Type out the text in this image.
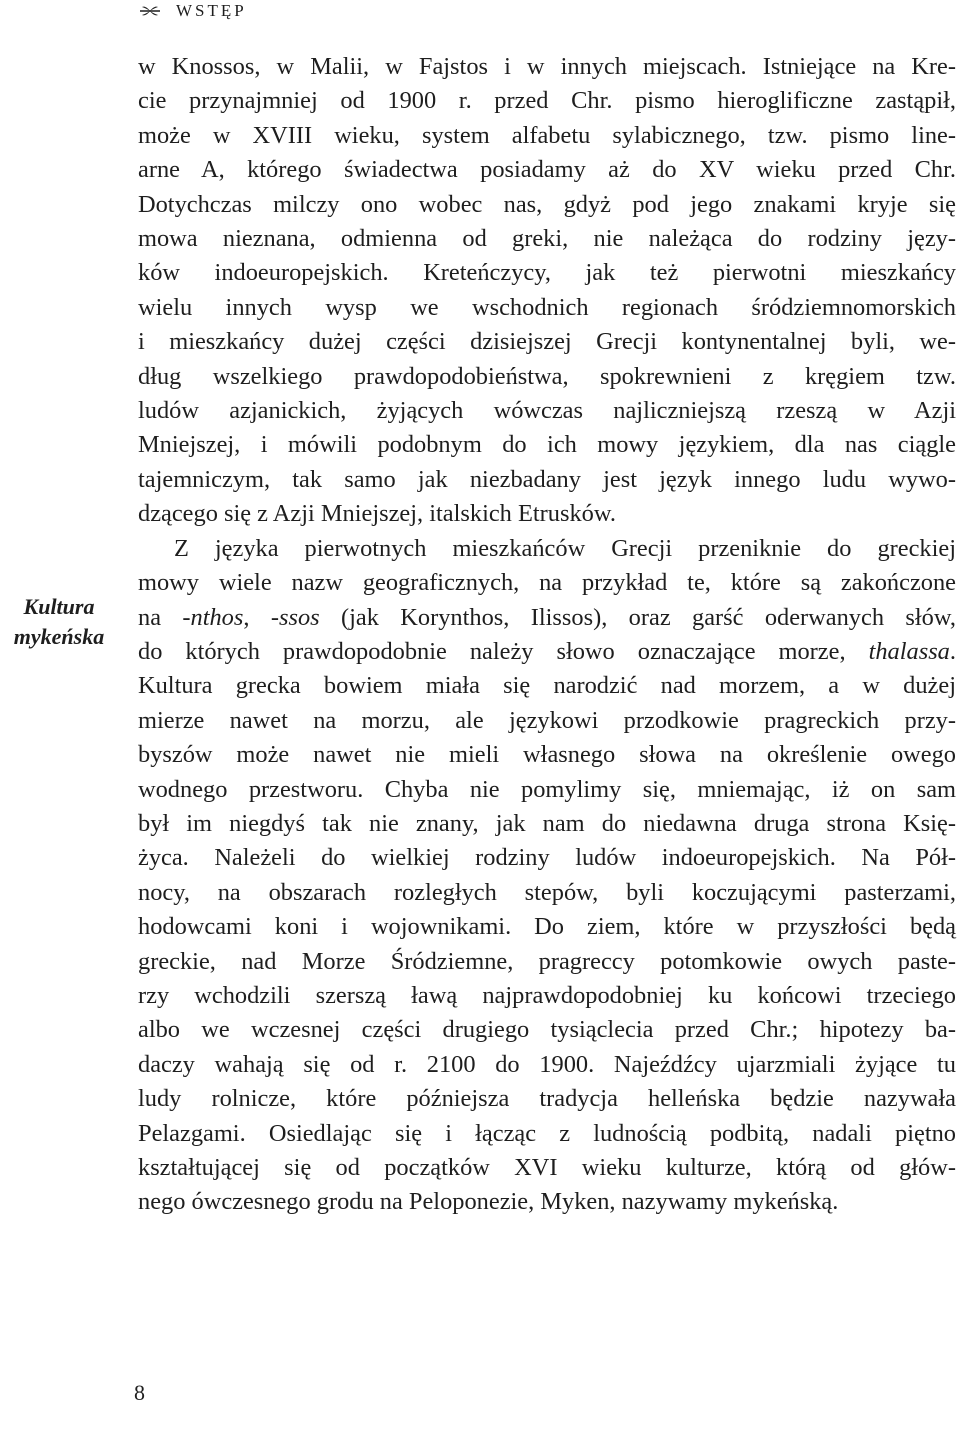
WSTĘP
Kultura
mykeńska
w Knossos, w Malii, w Fajstos i w innych miejscach. Istniejące na Kre-
cie przynajmniej od 1900 r. przed Chr. pismo hieroglificzne zastąpił,
może w XVIII wieku, system alfabetu sylabicznego, tzw. pismo line-
arne A, którego świadectwa posiadamy aż do XV wieku przed Chr.
Dotychczas milczy ono wobec nas, gdyż pod jego znakami kryje się
mowa nieznana, odmienna od greki, nie należąca do rodziny języ-
ków indoeuropejskich. Kreteńczycy, jak też pierwotni mieszkańcy
wielu innych wysp we wschodnich regionach śródziemnomorskich
i mieszkańcy dużej części dzisiejszej Grecji kontynentalnej byli, we-
dług wszelkiego prawdopodobieństwa, spokrewnieni z kręgiem tzw.
ludów azjanickich, żyjących wówczas najliczniejszą rzeszą w Azji
Mniejszej, i mówili podobnym do ich mowy językiem, dla nas ciągle
tajemniczym, tak samo jak niezbadany jest język innego ludu wywo-
dzącego się z Azji Mniejszej, italskich Etrusków.
Z języka pierwotnych mieszkańców Grecji przeniknie do greckiej
mowy wiele nazw geograficznych, na przykład te, które są zakończone
na -nthos, -ssos (jak Korynthos, Ilissos), oraz garść oderwanych słów,
do których prawdopodobnie należy słowo oznaczające morze, thalassa.
Kultura grecka bowiem miała się narodzić nad morzem, a w dużej
mierze nawet na morzu, ale językowi przodkowie pragreckich przy-
byszów może nawet nie mieli własnego słowa na określenie owego
wodnego przestworu. Chyba nie pomylimy się, mniemając, iż on sam
był im niegdyś tak nie znany, jak nam do niedawna druga strona Księ-
życa. Należeli do wielkiej rodziny ludów indoeuropejskich. Na Pół-
nocy, na obszarach rozległych stepów, byli koczującymi pasterzami,
hodowcami koni i wojownikami. Do ziem, które w przyszłości będą
greckie, nad Morze Śródziemne, pragreccy potomkowie owych paste-
rzy wchodzili szerszą ławą najprawdopodobniej ku końcowi trzeciego
albo we wczesnej części drugiego tysiąclecia przed Chr.; hipotezy ba-
daczy wahają się od r. 2100 do 1900. Najeźdźcy ujarzmiali żyjące tu
ludy rolnicze, które późniejsza tradycja helleńska będzie nazywała
Pelazgami. Osiedlając się i łącząc z ludnością podbitą, nadali piętno
kształtującej się od początków XVI wieku kulturze, którą od głów-
nego ówczesnego grodu na Peloponezie, Myken, nazywamy mykeńską.
8
